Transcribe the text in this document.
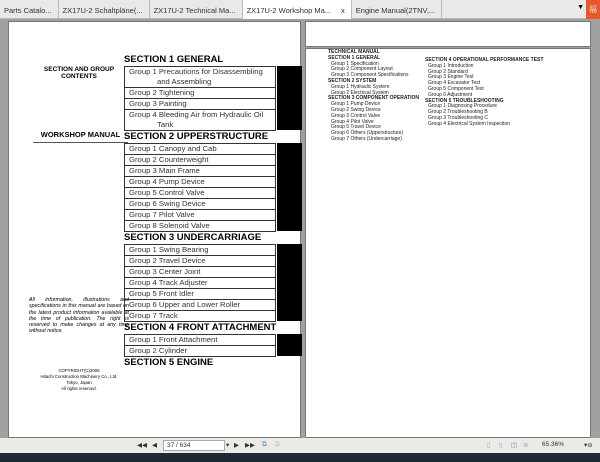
Parts Catalo...	ZX17U-2 Schaltpläne(...	ZX17U-2 Technical Ma...	ZX17U-2 Workshop Ma... x	Engine Manual(2TNV,...	▼ 福
SECTION AND GROUP CONTENTS
WORKSHOP MANUAL
All information, illustrations and specifications in this manual are based on the latest product information available at the time of publication. The right is reserved to make changes at any time without notice.
COPYRIGHT(C)2006
Hitachi Construction Machinery Co., Ltd.
Tokyo, Japan
All rights reserved.
SECTION 1 GENERAL
Group 1 Precautions for Disassembling
and Assembling
Group 2 Tightening
Group 3 Painting
Group 4 Bleeding Air from Hydraulic Oil
Tank
SECTION 2 UPPERSTRUCTURE
Group 1 Canopy and Cab
Group 2 Counterweight
Group 3 Main Frame
Group 4 Pump Device
Group 5 Control Valve
Group 6 Swing Device
Group 7 Pilot Valve
Group 8 Solenoid Valve
SECTION 3 UNDERCARRIAGE
Group 1 Swing Bearing
Group 2 Travel Device
Group 3 Center Joint
Group 4 Track Adjuster
Group 5 Front Idler
Group 6 Upper and Lower Roller
Group 7 Track
SECTION 4 FRONT ATTACHMENT
Group 1 Front Attachment
Group 2 Cylinder
SECTION 5 ENGINE
TECHNICAL MANUAL
SECTION 1 GENERAL
Group 1 Specification
Group 2 Component Layout
Group 3 Component Specifications
SECTION 2 SYSTEM
Group 1 Hydraulic System
Group 2 Electrical System
SECTION 3 COMPONENT OPERATION
Group 1 Pump Device
Group 2 Swing Device
Group 3 Control Valve
Group 4 Pilot Valve
Group 5 Travel Device
Group 6 Others (Upperstructure)
Group 7 Others (Undercarriage)
SECTION 4 OPERATIONAL PERFORMANCE TEST
Group 1 Introduction
Group 2 Standard
Group 3 Engine Test
Group 4 Excavator Test
Group 5 Component Test
Group 6 Adjustment
SECTION 5 TROUBLESHOOTING
Group 1 Diagnosing Procedure
Group 2 Troubleshooting B
Group 3 Troubleshooting C
Group 4 Electrical System Inspection
◀◀ ◀	37 / 634	▾ ▶ ▶▶ ⧉ ⧉	▯ ▯ ◫ ≣ 65.36%	▾⊖
